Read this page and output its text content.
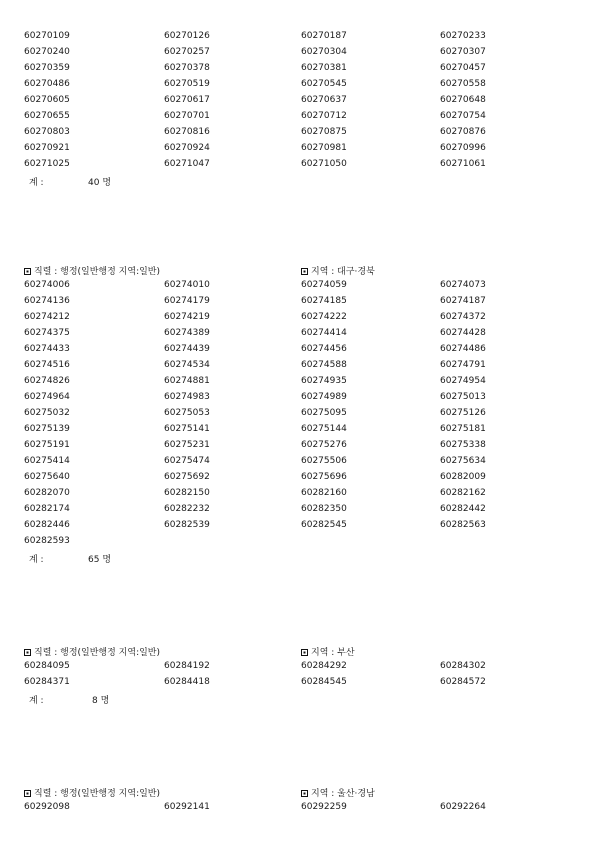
60270109	60270126	60270187	60270233
60270240	60270257	60270304	60270307
60270359	60270378	60270381	60270457
60270486	60270519	60270545	60270558
60270605	60270617	60270637	60270648
60270655	60270701	60270712	60270754
60270803	60270816	60270875	60270876
60270921	60270924	60270981	60270996
60271025	60271047	60271050	60271061
계 :	40 명
직렬 : 행정(일반행정 지역:일반)	지역 : 대구·경북
60274006	60274010	60274059	60274073
60274136	60274179	60274185	60274187
60274212	60274219	60274222	60274372
60274375	60274389	60274414	60274428
60274433	60274439	60274456	60274486
60274516	60274534	60274588	60274791
60274826	60274881	60274935	60274954
60274964	60274983	60274989	60275013
60275032	60275053	60275095	60275126
60275139	60275141	60275144	60275181
60275191	60275231	60275276	60275338
60275414	60275474	60275506	60275634
60275640	60275692	60275696	60282009
60282070	60282150	60282160	60282162
60282174	60282232	60282350	60282442
60282446	60282539	60282545	60282563
60282593
계 :	65 명
직렬 : 행정(일반행정 지역:일반)	지역 : 부산
60284095	60284192	60284292	60284302
60284371	60284418	60284545	60284572
계 :	8 명
직렬 : 행정(일반행정 지역:일반)	지역 : 울산·경남
60292098	60292141	60292259	60292264
